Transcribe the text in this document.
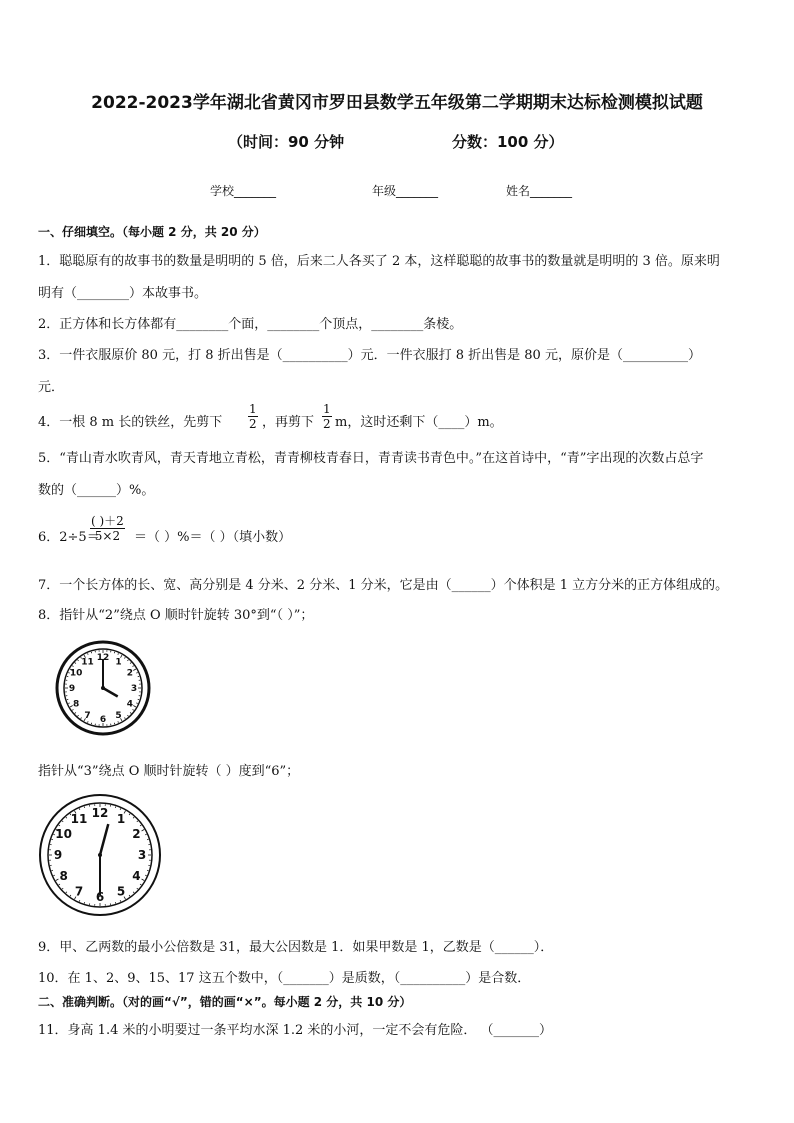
2022-2023学年湖北省黄冈市罗田县数学五年级第二学期期末达标检测模拟试题
（时间：90 分钟	分数：100 分）
学校_______	年级_______	姓名_______
一、仔细填空。（每小题 2 分，共 20 分）
1．聪聪原有的故事书的数量是明明的 5 倍，后来二人各买了 2 本，这样聪聪的故事书的数量就是明明的 3 倍。原来明
明有（________）本故事书。
2．正方体和长方体都有________个面，________个顶点，________条棱。
3．一件衣服原价 80 元，打 8 折出售是（__________）元．一件衣服打 8 折出售是 80 元，原价是（__________）
元．
4．一根 8 m 长的铁丝，先剪下 $\frac{1}{2}$ ，再剪下 $\frac{1}{2}$ m，这时还剩下（____）m。
5．“青山青水吹青风，青天青地立青松，青青柳枝青春日，青青读书青色中。”在这首诗中，“青”字出现的次数占总字
数的（______）%。
6．2÷5＝
$\frac{( )+2}{5\times 2}$ ＝（ ）%＝（ ）（填小数）
7．一个长方体的长、宽、高分别是 4 分米、2 分米、1 分米，它是由（______）个体积是 1 立方分米的正方体组成的。
8．指针从“2”绕点 O 顺时针旋转 30°到“（ ）”；
12 1
2
3
4
5
6
7
8
9
10
11
指针从“3”绕点 O 顺时针旋转（ ）度到“6”；
12 1
2
3
4
5
6
7
8
9
10
11
9．甲、乙两数的最小公倍数是 31，最大公因数是 1．如果甲数是 1，乙数是（______）．
10．在 1、2、9、15、17 这五个数中，（_______）是质数，（__________）是合数．
二、准确判断。（对的画“√”，错的画“×”。每小题 2 分，共 10 分）
11．身高 1.4 米的小明要过一条平均水深 1.2 米的小河，一定不会有危险． （_______）
